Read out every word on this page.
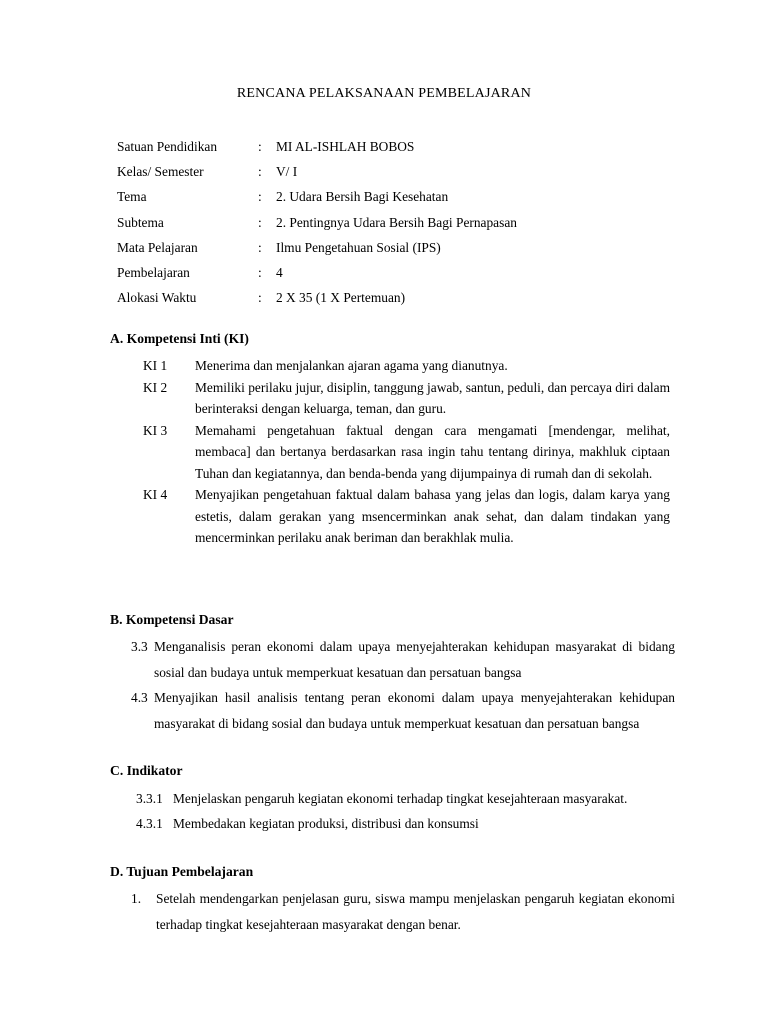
RENCANA PELAKSANAAN PEMBELAJARAN
Satuan Pendidikan	:	MI AL-ISHLAH BOBOS
Kelas/ Semester	:	V/ I
Tema	:	2. Udara Bersih Bagi Kesehatan
Subtema	:	2. Pentingnya Udara Bersih Bagi Pernapasan
Mata Pelajaran	:	Ilmu Pengetahuan Sosial (IPS)
Pembelajaran	:	4
Alokasi Waktu	:	2 X 35 (1 X Pertemuan)
A. Kompetensi Inti (KI)
KI 1	Menerima dan menjalankan ajaran agama yang dianutnya.
KI 2	Memiliki perilaku jujur, disiplin, tanggung jawab, santun, peduli, dan percaya diri dalam berinteraksi dengan keluarga, teman, dan guru.
KI 3	Memahami pengetahuan faktual dengan cara mengamati [mendengar, melihat, membaca] dan bertanya berdasarkan rasa ingin tahu tentang dirinya, makhluk ciptaan Tuhan dan kegiatannya, dan benda-benda yang dijumpainya di rumah dan di sekolah.
KI 4	Menyajikan pengetahuan faktual dalam bahasa yang jelas dan logis, dalam karya yang estetis, dalam gerakan yang msencerminkan anak sehat, dan dalam tindakan yang mencerminkan perilaku anak beriman dan berakhlak mulia.
B. Kompetensi Dasar
3.3 Menganalisis peran ekonomi dalam upaya menyejahterakan kehidupan masyarakat di bidang sosial dan budaya untuk memperkuat kesatuan dan persatuan bangsa
4.3 Menyajikan hasil analisis tentang peran ekonomi dalam upaya menyejahterakan kehidupan masyarakat di bidang sosial dan budaya untuk memperkuat kesatuan dan persatuan bangsa
C. Indikator
3.3.1 Menjelaskan pengaruh kegiatan ekonomi terhadap tingkat kesejahteraan masyarakat.
4.3.1 Membedakan kegiatan produksi, distribusi dan konsumsi
D. Tujuan Pembelajaran
1.	Setelah mendengarkan penjelasan guru, siswa mampu menjelaskan pengaruh kegiatan ekonomi terhadap tingkat kesejahteraan masyarakat dengan benar.
